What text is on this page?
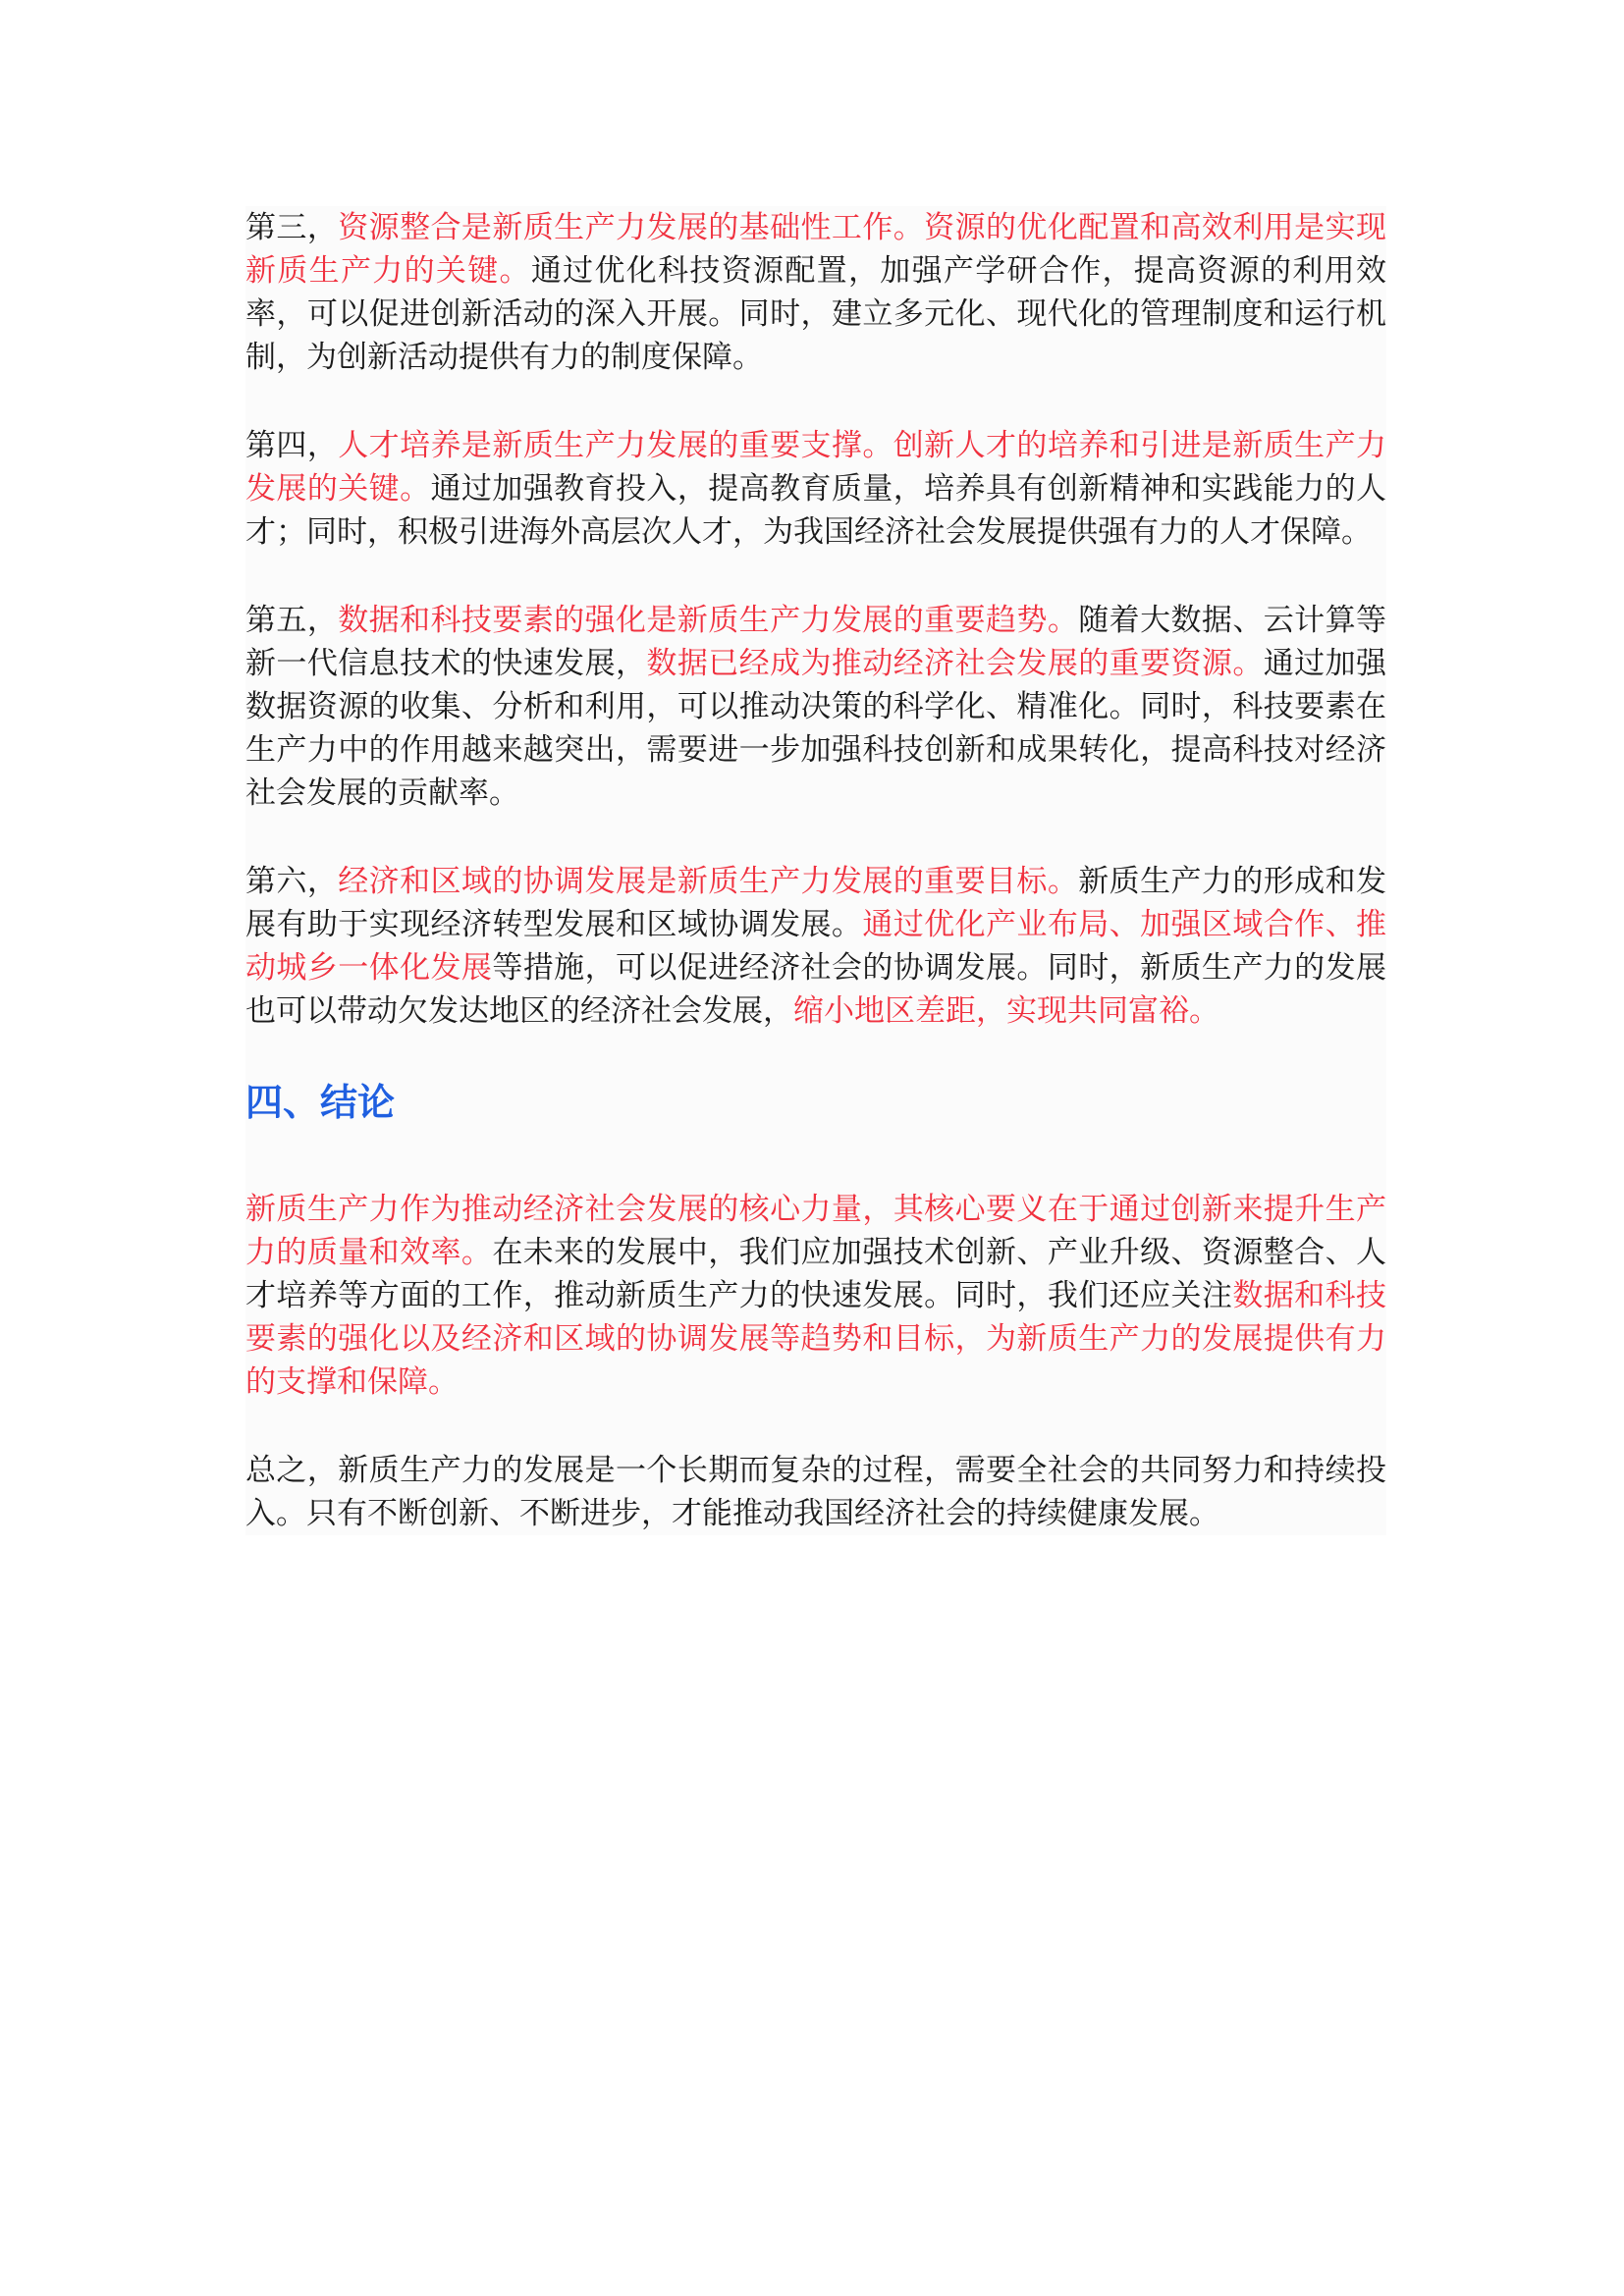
第三，资源整合是新质生产力发展的基础性工作。资源的优化配置和高效利用是实现新质生产力的关键。通过优化科技资源配置，加强产学研合作，提高资源的利用效率，可以促进创新活动的深入开展。同时，建立多元化、现代化的管理制度和运行机制，为创新活动提供有力的制度保障。

第四，人才培养是新质生产力发展的重要支撑。创新人才的培养和引进是新质生产力发展的关键。通过加强教育投入，提高教育质量，培养具有创新精神和实践能力的人才；同时，积极引进海外高层次人才，为我国经济社会发展提供强有力的人才保障。

第五，数据和科技要素的强化是新质生产力发展的重要趋势。随着大数据、云计算等新一代信息技术的快速发展，数据已经成为推动经济社会发展的重要资源。通过加强数据资源的收集、分析和利用，可以推动决策的科学化、精准化。同时，科技要素在生产力中的作用越来越突出，需要进一步加强科技创新和成果转化，提高科技对经济社会发展的贡献率。

第六，经济和区域的协调发展是新质生产力发展的重要目标。新质生产力的形成和发展有助于实现经济转型发展和区域协调发展。通过优化产业布局、加强区域合作、推动城乡一体化发展等措施，可以促进经济社会的协调发展。同时，新质生产力的发展也可以带动欠发达地区的经济社会发展，缩小地区差距，实现共同富裕。

四、结论

新质生产力作为推动经济社会发展的核心力量，其核心要义在于通过创新来提升生产力的质量和效率。在未来的发展中，我们应加强技术创新、产业升级、资源整合、人才培养等方面的工作，推动新质生产力的快速发展。同时，我们还应关注数据和科技要素的强化以及经济和区域的协调发展等趋势和目标，为新质生产力的发展提供有力的支撑和保障。

总之，新质生产力的发展是一个长期而复杂的过程，需要全社会的共同努力和持续投入。只有不断创新、不断进步，才能推动我国经济社会的持续健康发展。
